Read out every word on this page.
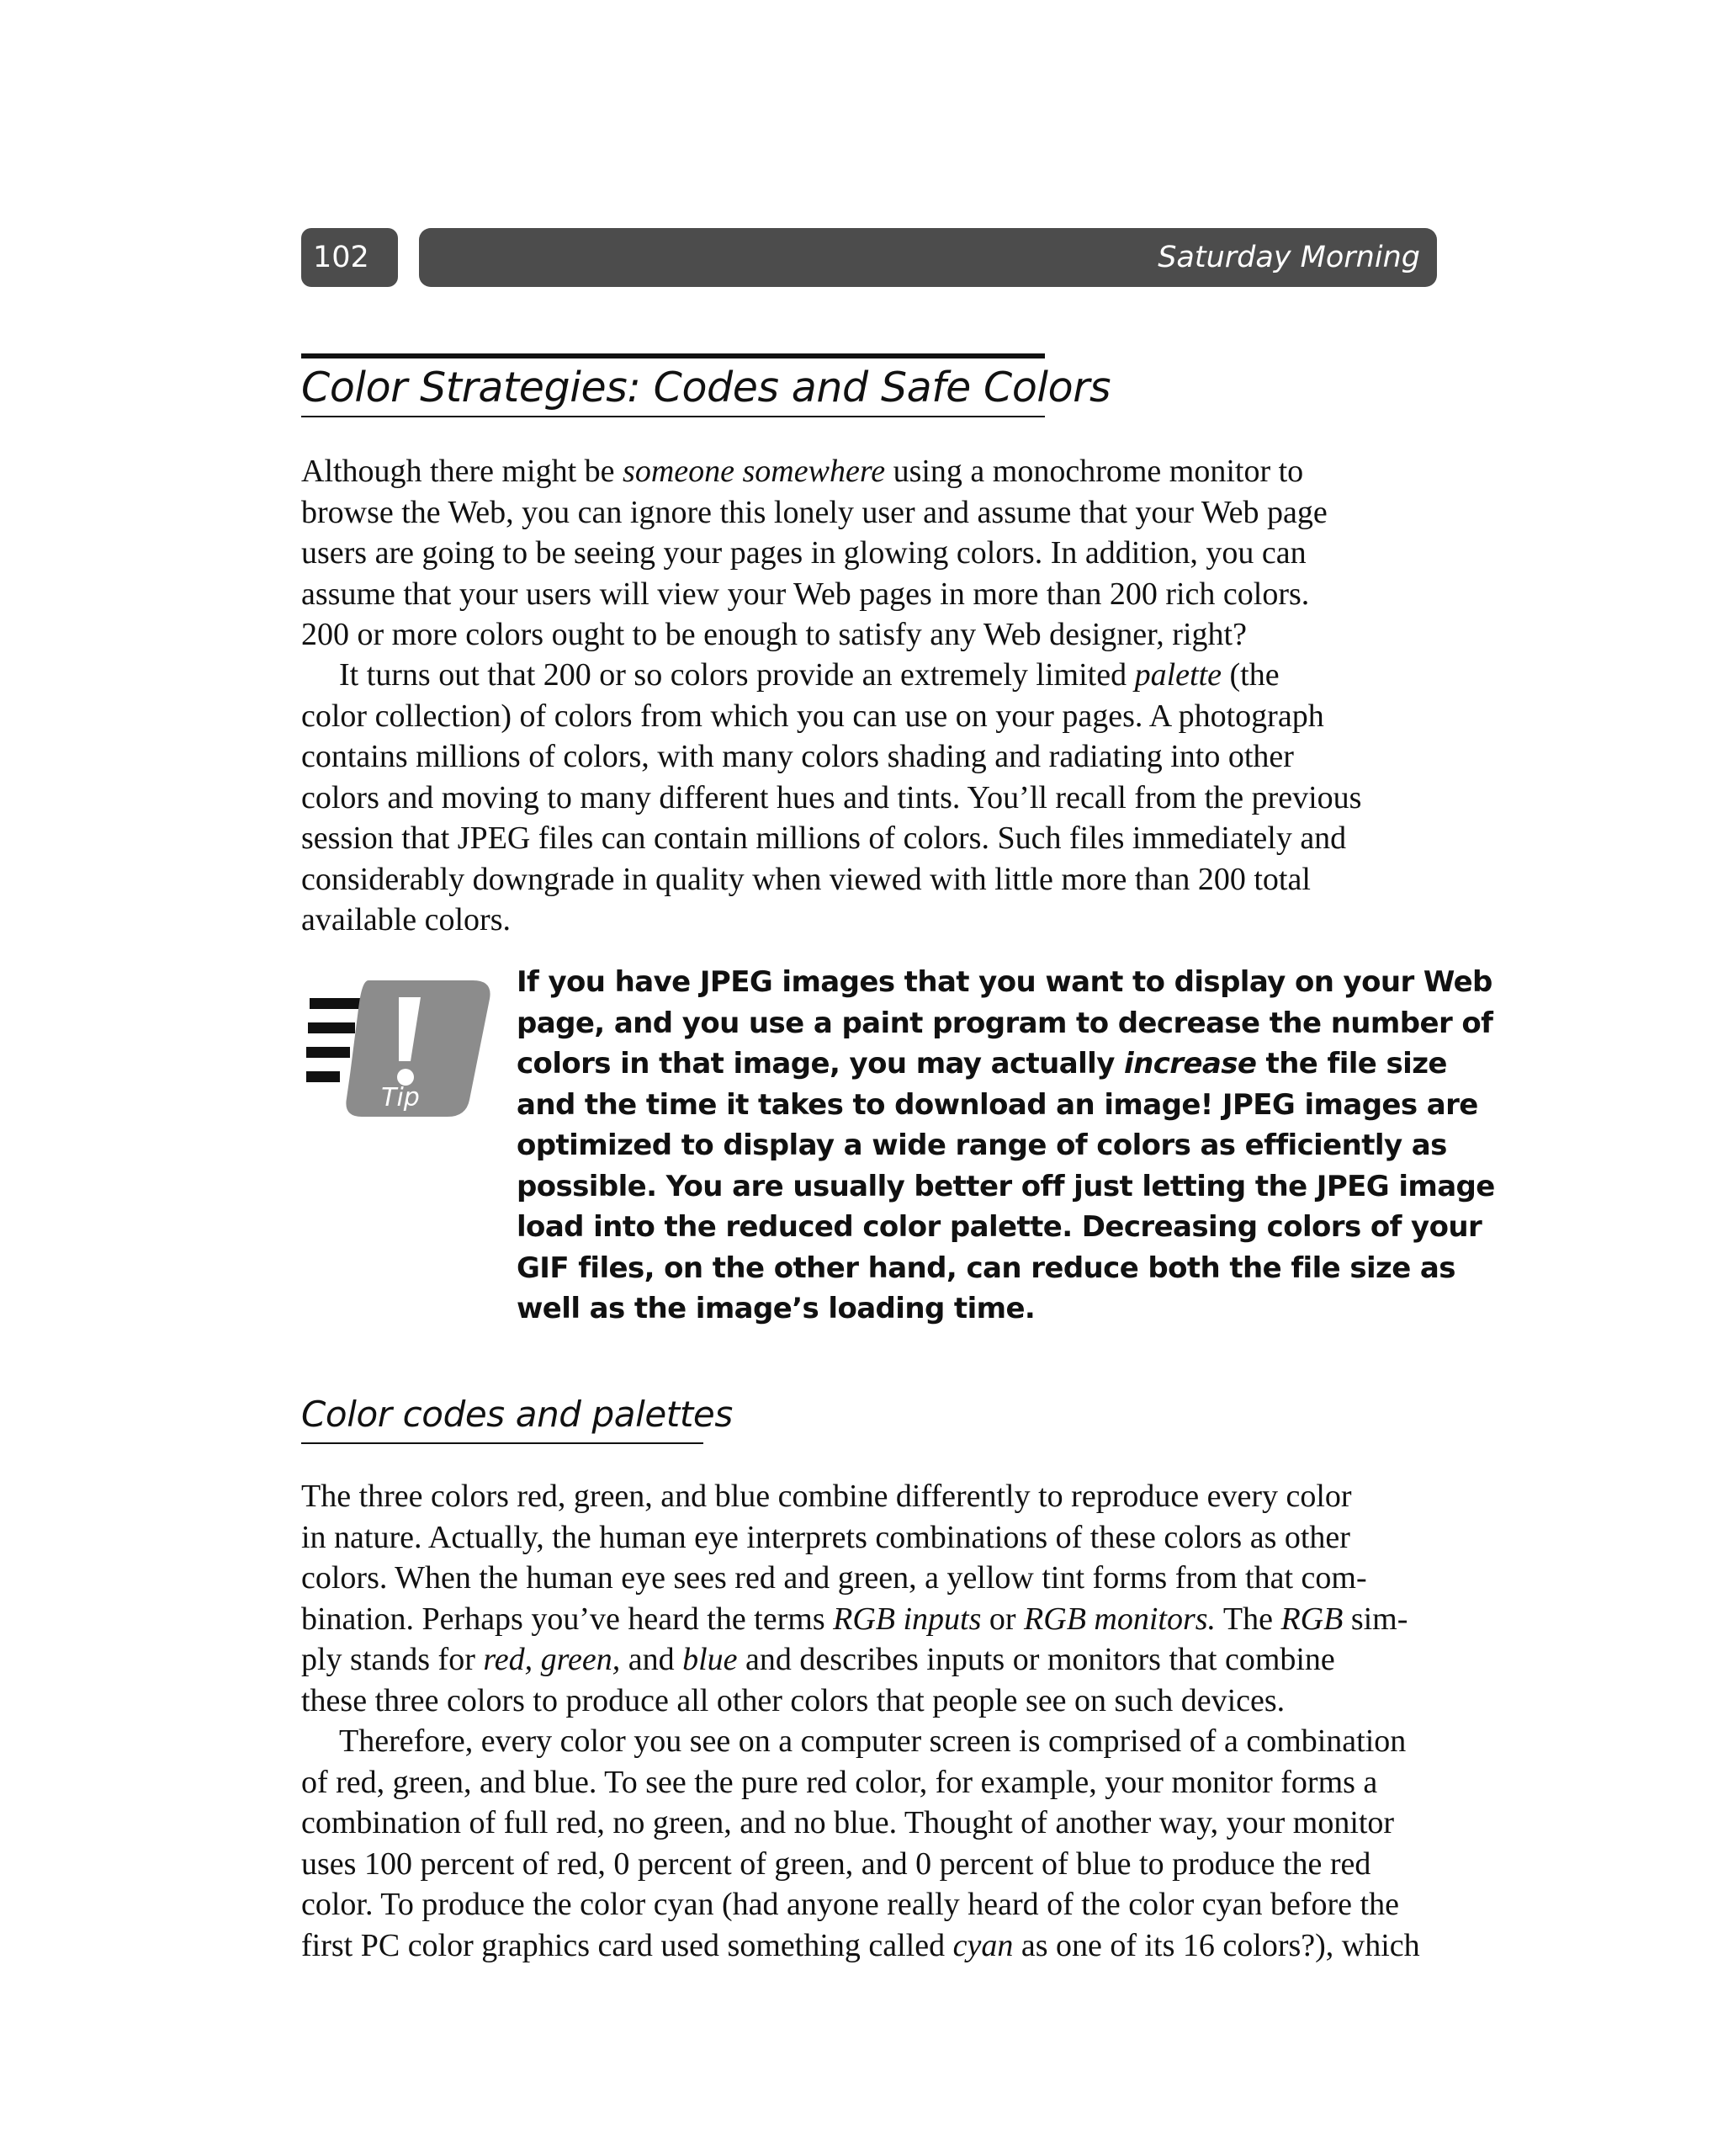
102	Saturday Morning
Color Strategies: Codes and Safe Colors
Although there might be someone somewhere using a monochrome monitor to
browse the Web, you can ignore this lonely user and assume that your Web page
users are going to be seeing your pages in glowing colors. In addition, you can
assume that your users will view your Web pages in more than 200 rich colors.
200 or more colors ought to be enough to satisfy any Web designer, right?
It turns out that 200 or so colors provide an extremely limited palette (the
color collection) of colors from which you can use on your pages. A photograph
contains millions of colors, with many colors shading and radiating into other
colors and moving to many different hues and tints. You’ll recall from the previous
session that JPEG files can contain millions of colors. Such files immediately and
considerably downgrade in quality when viewed with little more than 200 total
available colors.
Tip
If you have JPEG images that you want to display on your Web
page, and you use a paint program to decrease the number of
colors in that image, you may actually increase the file size
and the time it takes to download an image! JPEG images are
optimized to display a wide range of colors as efficiently as
possible. You are usually better off just letting the JPEG image
load into the reduced color palette. Decreasing colors of your
GIF files, on the other hand, can reduce both the file size as
well as the image’s loading time.
Color codes and palettes
The three colors red, green, and blue combine differently to reproduce every color
in nature. Actually, the human eye interprets combinations of these colors as other
colors. When the human eye sees red and green, a yellow tint forms from that com-
bination. Perhaps you’ve heard the terms RGB inputs or RGB monitors. The RGB sim-
ply stands for red, green, and blue and describes inputs or monitors that combine
these three colors to produce all other colors that people see on such devices.
Therefore, every color you see on a computer screen is comprised of a combination
of red, green, and blue. To see the pure red color, for example, your monitor forms a
combination of full red, no green, and no blue. Thought of another way, your monitor
uses 100 percent of red, 0 percent of green, and 0 percent of blue to produce the red
color. To produce the color cyan (had anyone really heard of the color cyan before the
first PC color graphics card used something called cyan as one of its 16 colors?), which
